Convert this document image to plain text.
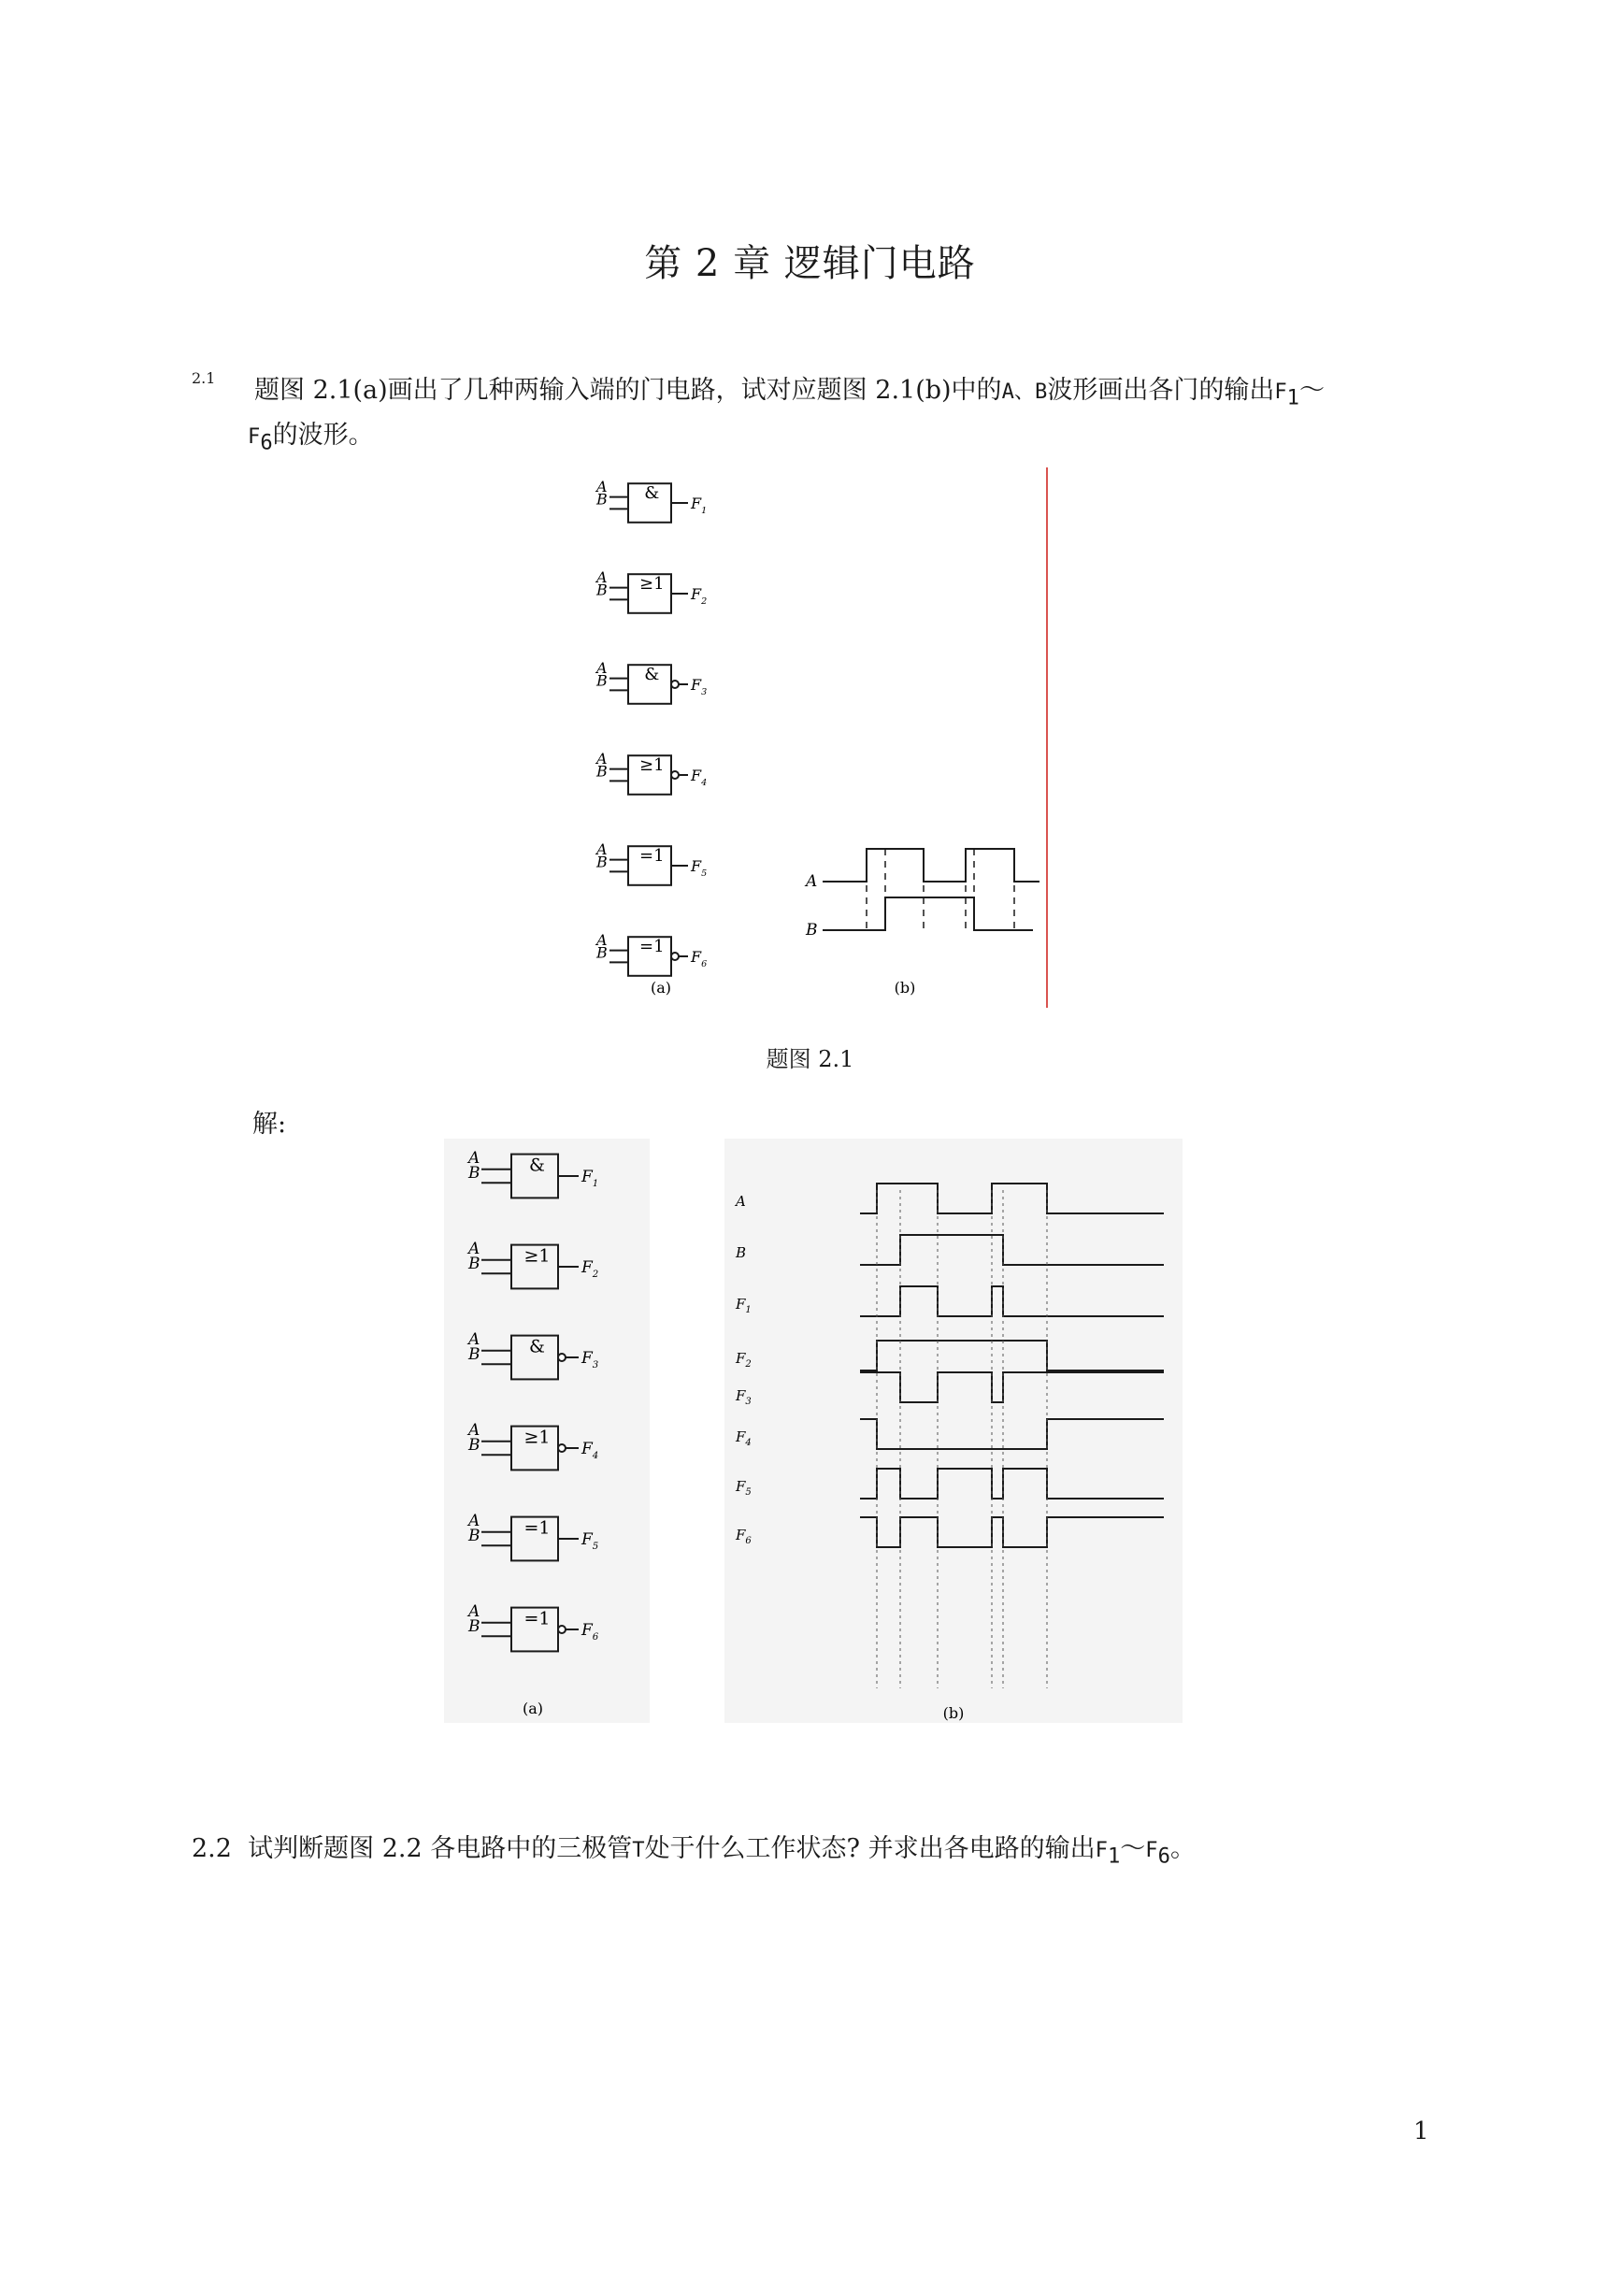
第 2 章 逻辑门电路
2.1 题图 2.1(a)画出了几种两输入端的门电路，试对应题图 2.1(b)中的A、B波形画出各门的输出$F_1\sim$
$F_6$的波形。
A
B &
$F_1$
A
B ≥1
$F_2$
A
B &
$F_3$
A
B ≥1
$F_4$
A
B =1
$F_5$
A
B =1
$F_6$
A
B
(a)	(b)
题图 2.1
解:
A
B	&
$F_1$
A
B ≥1
$F_2$
A
B	&
$F_3$
A
B ≥1
$F_4$
A
B =1
$F_5$
A
B =1
$F_6$
A
B
$F_1$
$F_2$
$F_3$
$F_4$
$F_5$
$F_6$
(a)	(b)
2.2 试判断题图 2.2 各电路中的三极管T处于什么工作状态? 并求出各电路的输出$F_1\sim F_6$。
1
